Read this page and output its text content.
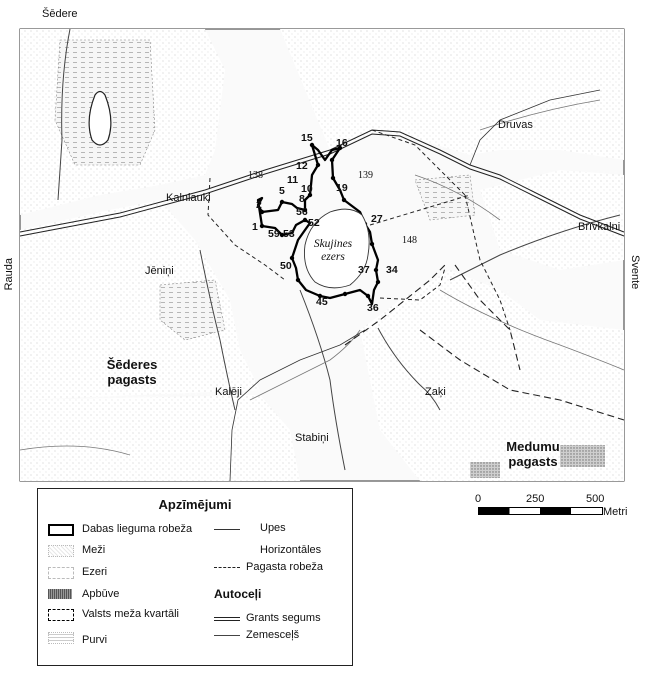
Šēdere
Rauda	Svente
Druvas
Brīvkalni
Kalnlauki
Jēniņi
Kalēji	Zaķi
Stabiņi
Šēderes pagasts
Medumu pagasts
138	139
148
Skujines ezers
15 16
12
11
10 19
5
8
2
56
27
52
1
59 53
50	37 34
45	36
0	250	500
Metri
Apzīmējumi
Dabas lieguma robeža
Meži
Ezeri
Apbūve
Valsts meža kvartāli
Purvi
Upes
Horizontāles
Pagasta robeža
Autoceļi
Grants segums
Zemesceļš
